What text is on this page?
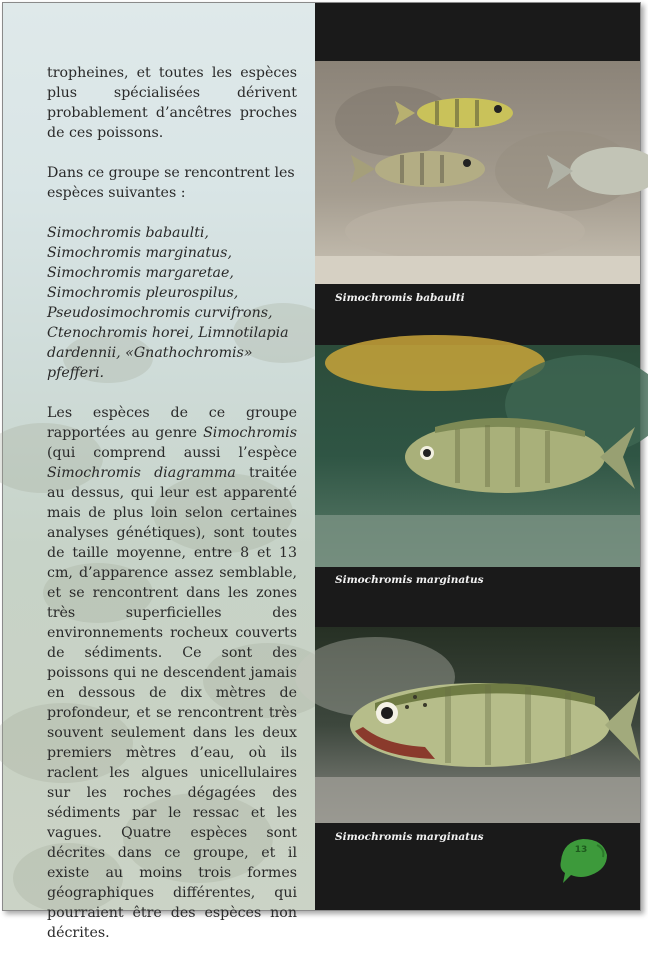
tropheines, et toutes les espèces plus spécialisées dérivent probablement d’ancêtres proches de ces poissons.

Dans ce groupe se rencontrent les espèces suivantes :

Simochromis babaulti, Simochromis marginatus, Simochromis margaretae, Simochromis pleurospilus, Pseudosimochromis curvifrons, Ctenochromis horei, Limnotilapia dardennii, «Gnathochromis» pfefferi.

Les espèces de ce groupe rapportées au genre Simochromis (qui comprend aussi l’espèce Simochromis diagramma traitée au dessus, qui leur est apparenté mais de plus loin selon certaines analyses génétiques), sont toutes de taille moyenne, entre 8 et 13 cm, d’apparence assez semblable, et se rencontrent dans les zones très superficielles des environnements rocheux couverts de sédiments. Ce sont des poissons qui ne descendent jamais en dessous de dix mètres de profondeur, et se rencontrent très souvent seulement dans les deux premiers mètres d’eau, où ils raclent les algues unicellulaires sur les roches dégagées des sédiments par le ressac et les vagues. Quatre espèces sont décrites dans ce groupe, et il existe au moins trois formes géographiques différentes, qui pourraient être des espèces non décrites.

Simochromis babaulti
Simochromis marginatus
Simochromis marginatus
13
